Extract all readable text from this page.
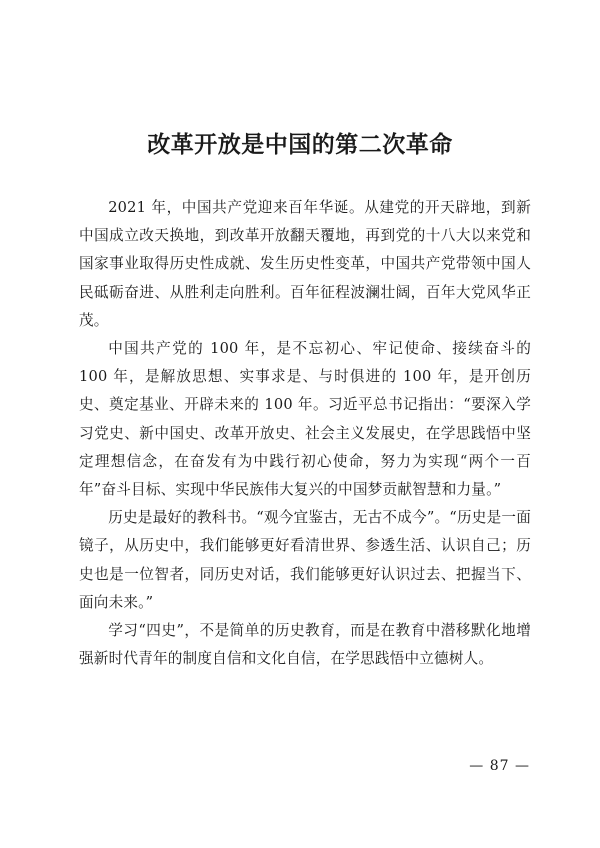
改革开放是中国的第二次革命

2021 年，中国共产党迎来百年华诞。从建党的开天辟地，到新中国成立改天换地，到改革开放翻天覆地，再到党的十八大以来党和国家事业取得历史性成就、发生历史性变革，中国共产党带领中国人民砥砺奋进、从胜利走向胜利。百年征程波澜壮阔，百年大党风华正茂。

中国共产党的 100 年，是不忘初心、牢记使命、接续奋斗的 100 年，是解放思想、实事求是、与时俱进的 100 年，是开创历史、奠定基业、开辟未来的 100 年。习近平总书记指出：“要深入学习党史、新中国史、改革开放史、社会主义发展史，在学思践悟中坚定理想信念，在奋发有为中践行初心使命，努力为实现“两个一百年”奋斗目标、实现中华民族伟大复兴的中国梦贡献智慧和力量。”

历史是最好的教科书。“观今宜鉴古，无古不成今”。“历史是一面镜子，从历史中，我们能够更好看清世界、参透生活、认识自己；历史也是一位智者，同历史对话，我们能够更好认识过去、把握当下、面向未来。”

学习“四史”，不是简单的历史教育，而是在教育中潜移默化地增强新时代青年的制度自信和文化自信，在学思践悟中立德树人。

— 87 —
